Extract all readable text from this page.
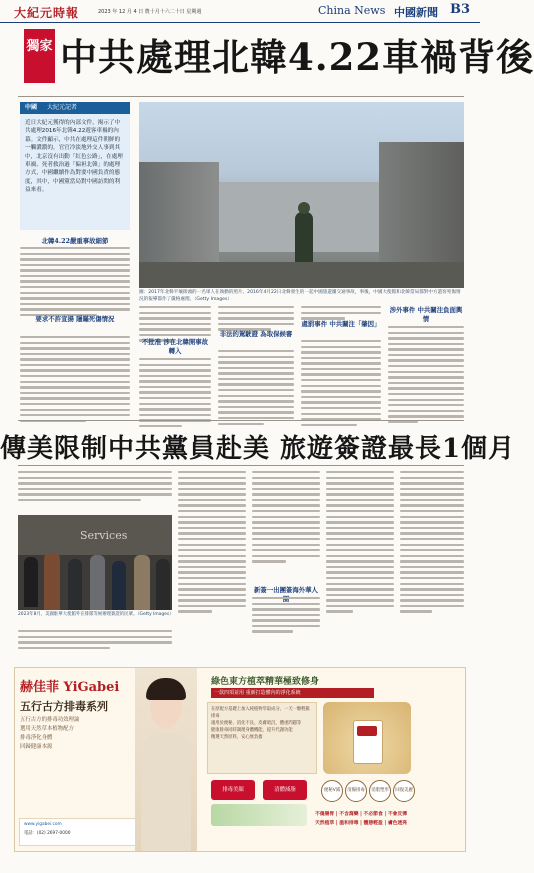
大紀元時報	2023 年 12 月 4 日 農十月十六二十日 星期週	China News 中國新聞 B3
獨家 中共處理北韓4.22車禍背後
中國 大紀元記者
近日大紀元獲得的內部文件，揭示了中共處理2016年北韓4.22遊客車禍的內幕。文件顯示，中共在處理這件朝鮮的一觸濃濃的，官官冷淡地外交人事到其中，北京沒有出動「紅色公路」，在處理車禍、死者救治過「偏袒北韓」的處理方式，中國繼續作為對要中國負責的態度，其中，中國黨當局對中國訪問的利益來看。
北韓4.22嚴重事故細節
要求不許宣揚 隱瞞死傷情況
圖：2017年北韓平壤街頭的一名軍人在執勤的照片。2016年4月22日北韓發生的一起中國旅遊團交通事故，事後，中國大使館和北韓當局都對中方遊客死傷情況的報導都作了嚴格處理。（Getty Images）
不批准 涉在北韓開事故轉入
非法的駕駛證 為取保候審
處罰事件 中共關注「肇因」
涉外事件 中共關注負面輿情
傳美限制中共黨員赴美 旅遊簽證最長1個月
Services
2023年8月，美國駐華大使館外在排隊等候辦理簽證的民眾。（Getty Images）
新簽一出團簽海外華人
赫佳菲 YiGabei
五行古方排毒系列
五行古方的排毒功效理論
選用天然草本植物配方
排毒淨化身體
回歸健康本源
www.yigabei.com
電話：(02) 2697-0000
綠色東方植萃精華極致修身
一款四項並用 重新打造體內的淨化系統
在原配方基礎上加入純植物萃取成分，一天一顆輕鬆排毒
適用於便秘、消化不良、皮膚暗沉、體重問題等
健康排毒同時調理身體機能，提升代謝功能
精選天然原料，安心無負擔
排毒美顏	清體減脂	便秘V減	清腸排毒	消脂塑形	回復美麗
不傷腸胃 | 不含瀉藥 | 不必節食 | 不會反彈
天然植萃 | 溫和排毒 | 體態輕盈 | 膚色透亮
